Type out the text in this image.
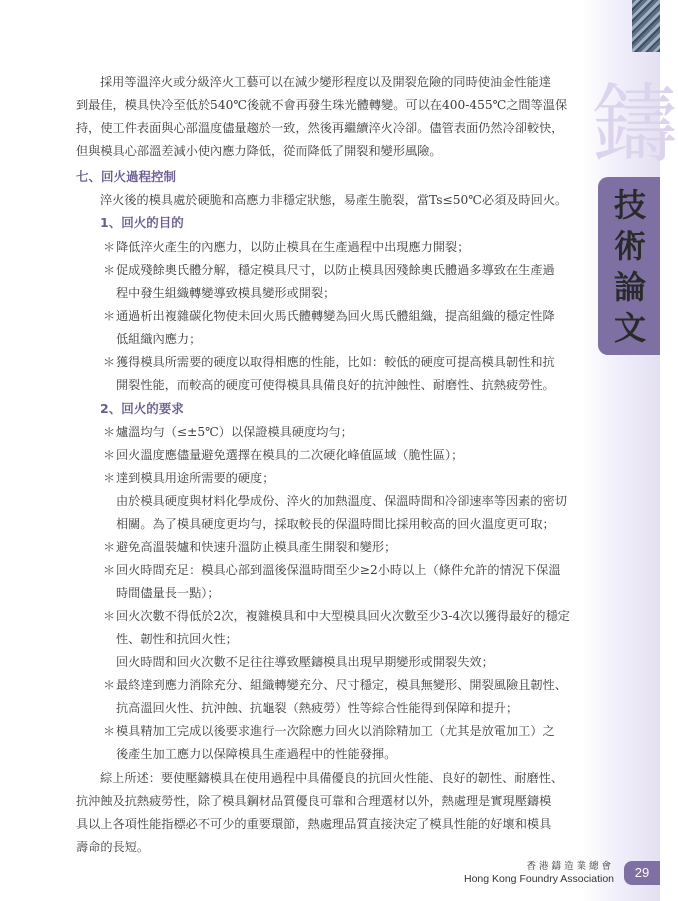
鑄
技
術
論
文
採用等溫淬火或分級淬火工藝可以在減少變形程度以及開裂危險的同時使油金性能達
到最佳，模具快冷至低於540℃後就不會再發生珠光體轉變。可以在400-455℃之間等溫保
持，使工件表面與心部溫度儘量趨於一致，然後再繼續淬火冷卻。儘管表面仍然冷卻較快，
但與模具心部溫差減小使內應力降低，從而降低了開裂和變形風險。
七、回火過程控制
淬火後的模具處於硬脆和高應力非穩定狀態，易產生脆裂，當Ts≤50℃必須及時回火。
1、回火的目的
＊ 降低淬火產生的內應力，以防止模具在生產過程中出現應力開裂；
＊ 促成殘餘奧氏體分解，穩定模具尺寸，以防止模具因殘餘奧氏體過多導致在生產過
程中發生組織轉變導致模具變形或開裂；
＊ 通過析出複雜碳化物使未回火馬氏體轉變為回火馬氏體組織，提高組織的穩定性降
低組織內應力；
＊ 獲得模具所需要的硬度以取得相應的性能，比如：較低的硬度可提高模具韌性和抗
開裂性能，而較高的硬度可使得模具具備良好的抗沖蝕性、耐磨性、抗熱疲勞性。
2、回火的要求
＊ 爐溫均勻（≤±5℃）以保證模具硬度均勻；
＊ 回火溫度應儘量避免選擇在模具的二次硬化峰值區域（脆性區）；
＊ 達到模具用途所需要的硬度；
由於模具硬度與材料化學成份、淬火的加熱溫度、保溫時間和冷卻速率等因素的密切
相關。為了模具硬度更均勻，採取較長的保溫時間比採用較高的回火溫度更可取；
＊ 避免高溫裝爐和快速升溫防止模具產生開裂和變形；
＊ 回火時間充足：模具心部到溫後保溫時間至少≥2小時以上（條件允許的情況下保溫
時間儘量長一點）；
＊ 回火次數不得低於2次，複雜模具和中大型模具回火次數至少3-4次以獲得最好的穩定
性、韌性和抗回火性；
回火時間和回火次數不足往往導致壓鑄模具出現早期變形或開裂失效；
＊ 最終達到應力消除充分、組織轉變充分、尺寸穩定，模具無變形、開裂風險且韌性、
抗高溫回火性、抗沖蝕、抗龜裂（熱疲勞）性等綜合性能得到保障和提升；
＊ 模具精加工完成以後要求進行一次除應力回火以消除精加工（尤其是放電加工）之
後產生加工應力以保障模具生產過程中的性能發揮。
綜上所述：要使壓鑄模具在使用過程中具備優良的抗回火性能、良好的韌性、耐磨性、
抗沖蝕及抗熱疲勞性，除了模具鋼材品質優良可靠和合理選材以外，熱處理是實現壓鑄模
具以上各項性能指標必不可少的重要環節，熱處理品質直接決定了模具性能的好壞和模具
壽命的長短。
香港鑄造業總會
Hong Kong Foundry Association	29
